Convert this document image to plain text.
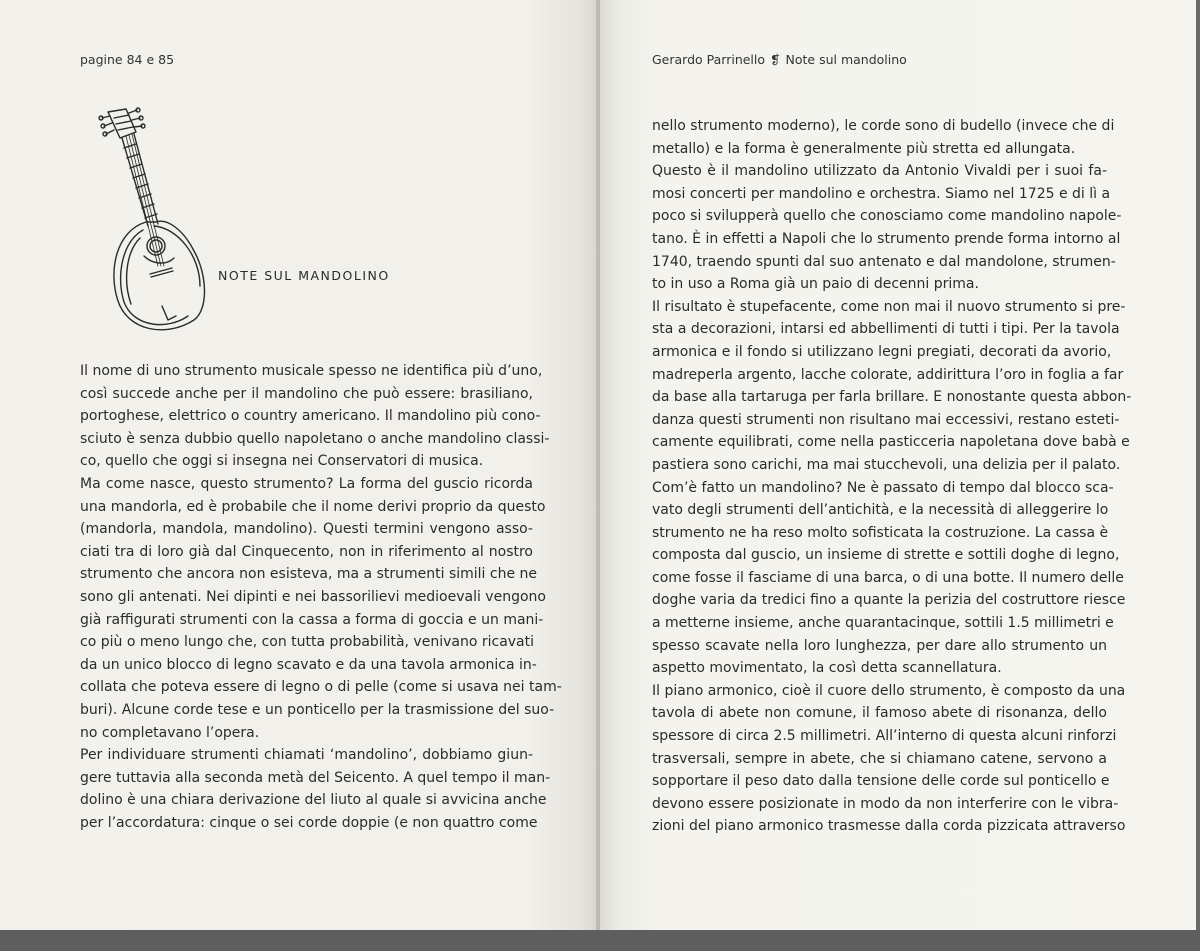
pagine 84 e 85
NOTE SUL MANDOLINO
Il nome di uno strumento musicale spesso ne identifica più d’uno,
così succede anche per il mandolino che può essere: brasiliano,
portoghese, elettrico o country americano. Il mandolino più cono-
sciuto è senza dubbio quello napoletano o anche mandolino classi-
co, quello che oggi si insegna nei Conservatori di musica.
Ma come nasce, questo strumento? La forma del guscio ricorda
una mandorla, ed è probabile che il nome derivi proprio da questo
(mandorla, mandola, mandolino). Questi termini vengono asso-
ciati tra di loro già dal Cinquecento, non in riferimento al nostro
strumento che ancora non esisteva, ma a strumenti simili che ne
sono gli antenati. Nei dipinti e nei bassorilievi medioevali vengono
già raffigurati strumenti con la cassa a forma di goccia e un mani-
co più o meno lungo che, con tutta probabilità, venivano ricavati
da un unico blocco di legno scavato e da una tavola armonica in-
collata che poteva essere di legno o di pelle (come si usava nei tam-
buri). Alcune corde tese e un ponticello per la trasmissione del suo-
no completavano l’opera.
Per individuare strumenti chiamati ‘mandolino’, dobbiamo giun-
gere tuttavia alla seconda metà del Seicento. A quel tempo il man-
dolino è una chiara derivazione del liuto al quale si avvicina anche
per l’accordatura: cinque o sei corde doppie (e non quattro come
Gerardo Parrinello ❡ Note sul mandolino
nello strumento moderno), le corde sono di budello (invece che di
metallo) e la forma è generalmente più stretta ed allungata.
Questo è il mandolino utilizzato da Antonio Vivaldi per i suoi fa-
mosi concerti per mandolino e orchestra. Siamo nel 1725 e di lì a
poco si svilupperà quello che conosciamo come mandolino napole-
tano. È in effetti a Napoli che lo strumento prende forma intorno al
1740, traendo spunti dal suo antenato e dal mandolone, strumen-
to in uso a Roma già un paio di decenni prima.
Il risultato è stupefacente, come non mai il nuovo strumento si pre-
sta a decorazioni, intarsi ed abbellimenti di tutti i tipi. Per la tavola
armonica e il fondo si utilizzano legni pregiati, decorati da avorio,
madreperla argento, lacche colorate, addirittura l’oro in foglia a far
da base alla tartaruga per farla brillare. E nonostante questa abbon-
danza questi strumenti non risultano mai eccessivi, restano esteti-
camente equilibrati, come nella pasticceria napoletana dove babà e
pastiera sono carichi, ma mai stucchevoli, una delizia per il palato.
Com’è fatto un mandolino? Ne è passato di tempo dal blocco sca-
vato degli strumenti dell’antichità, e la necessità di alleggerire lo
strumento ne ha reso molto sofisticata la costruzione. La cassa è
composta dal guscio, un insieme di strette e sottili doghe di legno,
come fosse il fasciame di una barca, o di una botte. Il numero delle
doghe varia da tredici fino a quante la perizia del costruttore riesce
a metterne insieme, anche quarantacinque, sottili 1.5 millimetri e
spesso scavate nella loro lunghezza, per dare allo strumento un
aspetto movimentato, la così detta scannellatura.
Il piano armonico, cioè il cuore dello strumento, è composto da una
tavola di abete non comune, il famoso abete di risonanza, dello
spessore di circa 2.5 millimetri. All’interno di questa alcuni rinforzi
trasversali, sempre in abete, che si chiamano catene, servono a
sopportare il peso dato dalla tensione delle corde sul ponticello e
devono essere posizionate in modo da non interferire con le vibra-
zioni del piano armonico trasmesse dalla corda pizzicata attraverso
